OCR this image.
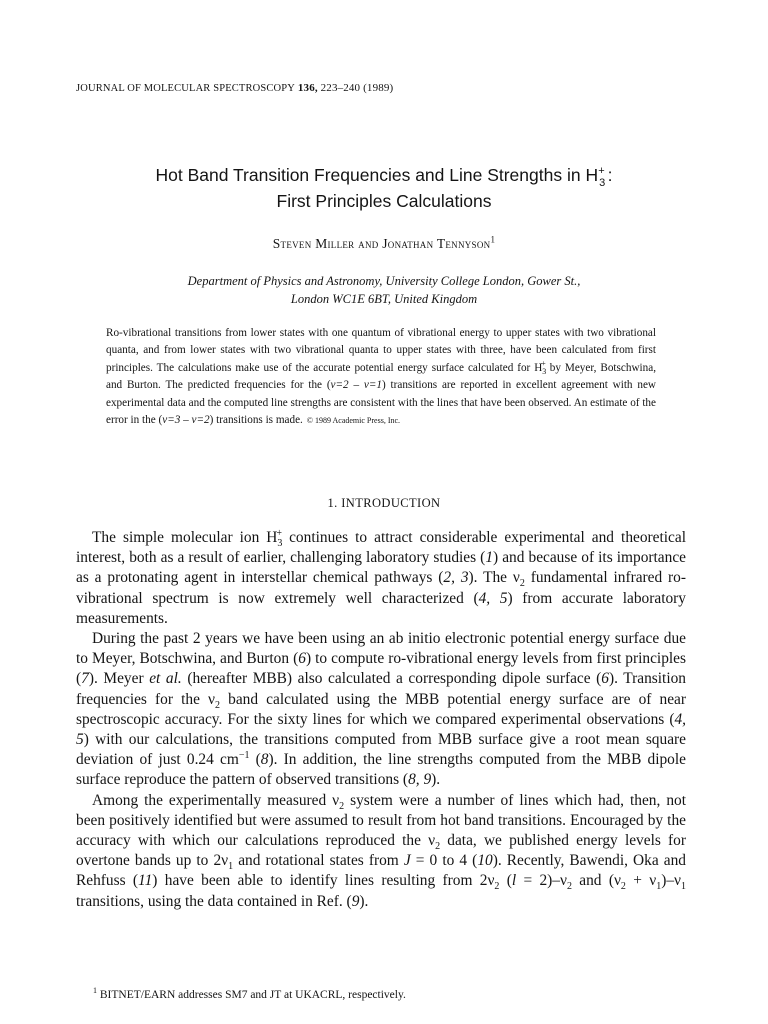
JOURNAL OF MOLECULAR SPECTROSCOPY 136, 223–240 (1989)
Hot Band Transition Frequencies and Line Strengths in $H_3^+$ :
First Principles Calculations
Steven Miller and Jonathan Tennyson$^1$
Department of Physics and Astronomy, University College London, Gower St.,
London WC1E 6BT, United Kingdom
Ro-vibrational transitions from lower states with one quantum of vibrational energy to upper states with two vibrational quanta, and from lower states with two vibrational quanta to upper states with three, have been calculated from first principles. The calculations make use of the accurate potential energy surface calculated for $H_3^+$ by Meyer, Botschwina, and Burton. The predicted frequencies for the (v=2 – v=1) transitions are reported in excellent agreement with new experimental data and the computed line strengths are consistent with the lines that have been observed. An estimate of the error in the (v=3 – v=2) transitions is made. © 1989 Academic Press, Inc.
1. INTRODUCTION

The simple molecular ion $H_3^+$ continues to attract considerable experimental and theoretical interest, both as a result of earlier, challenging laboratory studies (1) and because of its importance as a protonating agent in interstellar chemical pathways (2, 3). The $\nu_2$ fundamental infrared ro-vibrational spectrum is now extremely well characterized (4, 5) from accurate laboratory measurements.

During the past 2 years we have been using an ab initio electronic potential energy surface due to Meyer, Botschwina, and Burton (6) to compute ro-vibrational energy levels from first principles (7). Meyer et al. (hereafter MBB) also calculated a corresponding dipole surface (6). Transition frequencies for the $\nu_2$ band calculated using the MBB potential energy surface are of near spectroscopic accuracy. For the sixty lines for which we compared experimental observations (4, 5) with our calculations, the transitions computed from MBB surface give a root mean square deviation of just 0.24 $cm^{-1}$ (8). In addition, the line strengths computed from the MBB dipole surface reproduce the pattern of observed transitions (8, 9).

Among the experimentally measured $\nu_2$ system were a number of lines which had, then, not been positively identified but were assumed to result from hot band transitions. Encouraged by the accuracy with which our calculations reproduced the $\nu_2$ data, we published energy levels for overtone bands up to $2\nu_1$ and rotational states from J = 0 to 4 (10). Recently, Bawendi, Oka and Rehfuss (11) have been able to identify lines resulting from $2\nu_2$ $(l = 2)-\nu_2$ and $(\nu_2 + \nu_1)-\nu_1$ transitions, using the data contained in Ref. (9).

$^1$ BITNET/EARN addresses SM7 and JT at UKACRL, respectively.
